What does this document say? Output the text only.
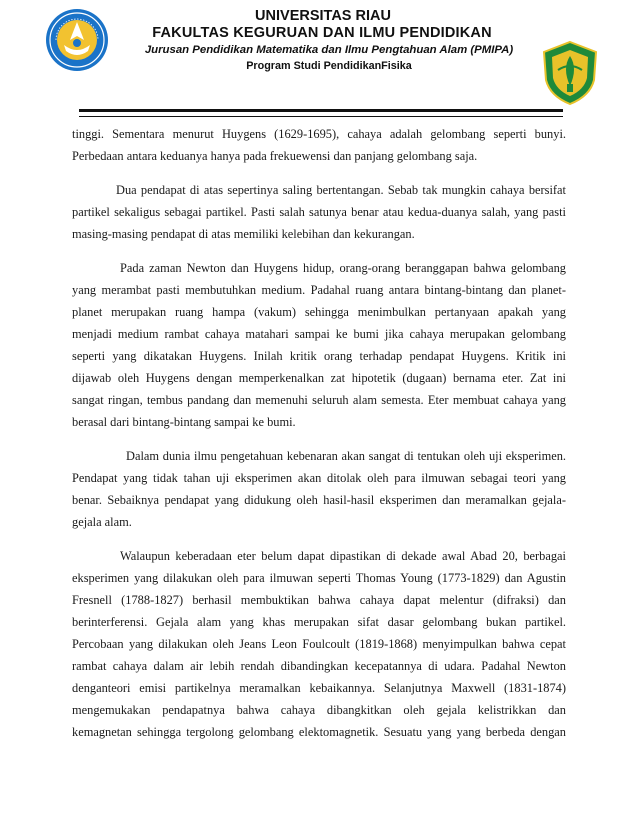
UNIVERSITAS RIAU
FAKULTAS KEGURUAN DAN ILMU PENDIDIKAN
Jurusan Pendidikan Matematika dan Ilmu Pengtahuan Alam (PMIPA)
Program Studi PendidikanFisika
tinggi. Sementara menurut Huygens (1629-1695), cahaya adalah gelombang seperti bunyi.
Perbedaan antara keduanya hanya pada frekuewensi dan panjang gelombang saja.
Dua pendapat di atas sepertinya saling bertentangan. Sebab tak mungkin cahaya bersifat
partikel sekaligus sebagai partikel. Pasti salah satunya benar atau kedua-duanya salah, yang pasti
masing-masing pendapat di atas memiliki kelebihan dan kekurangan.
Pada zaman Newton dan Huygens hidup, orang-orang beranggapan bahwa gelombang
yang merambat pasti membutuhkan medium. Padahal ruang antara bintang-bintang dan planet-
planet merupakan ruang hampa (vakum) sehingga menimbulkan pertanyaan apakah yang
menjadi medium rambat cahaya matahari sampai ke bumi jika cahaya merupakan gelombang
seperti yang dikatakan Huygens. Inilah kritik orang terhadap pendapat Huygens. Kritik ini
dijawab oleh Huygens dengan memperkenalkan zat hipotetik (dugaan) bernama eter. Zat ini
sangat ringan, tembus pandang dan memenuhi seluruh alam semesta. Eter membuat cahaya yang
berasal dari bintang-bintang sampai ke bumi.
Dalam dunia ilmu pengetahuan kebenaran akan sangat di tentukan oleh uji eksperimen.
Pendapat yang tidak tahan uji eksperimen akan ditolak oleh para ilmuwan sebagai teori yang
benar. Sebaiknya pendapat yang didukung oleh hasil-hasil eksperimen dan meramalkan gejala-
gejala alam.
Walaupun keberadaan eter belum dapat dipastikan di dekade awal Abad 20, berbagai
eksperimen yang dilakukan oleh para ilmuwan seperti Thomas Young (1773-1829) dan Agustin
Fresnell (1788-1827) berhasil membuktikan bahwa cahaya dapat melentur (difraksi) dan
berinterferensi. Gejala alam yang khas merupakan sifat dasar gelombang bukan partikel.
Percobaan yang dilakukan oleh Jeans Leon Foulcoult (1819-1868) menyimpulkan bahwa cepat
rambat cahaya dalam air lebih rendah dibandingkan kecepatannya di udara. Padahal Newton
denganteori emisi partikelnya meramalkan kebaikannya. Selanjutnya Maxwell (1831-1874)
mengemukakan pendapatnya bahwa cahaya dibangkitkan oleh gejala kelistrikkan dan
kemagnetan sehingga tergolong gelombang elektomagnetik. Sesuatu yang yang berbeda dengan
